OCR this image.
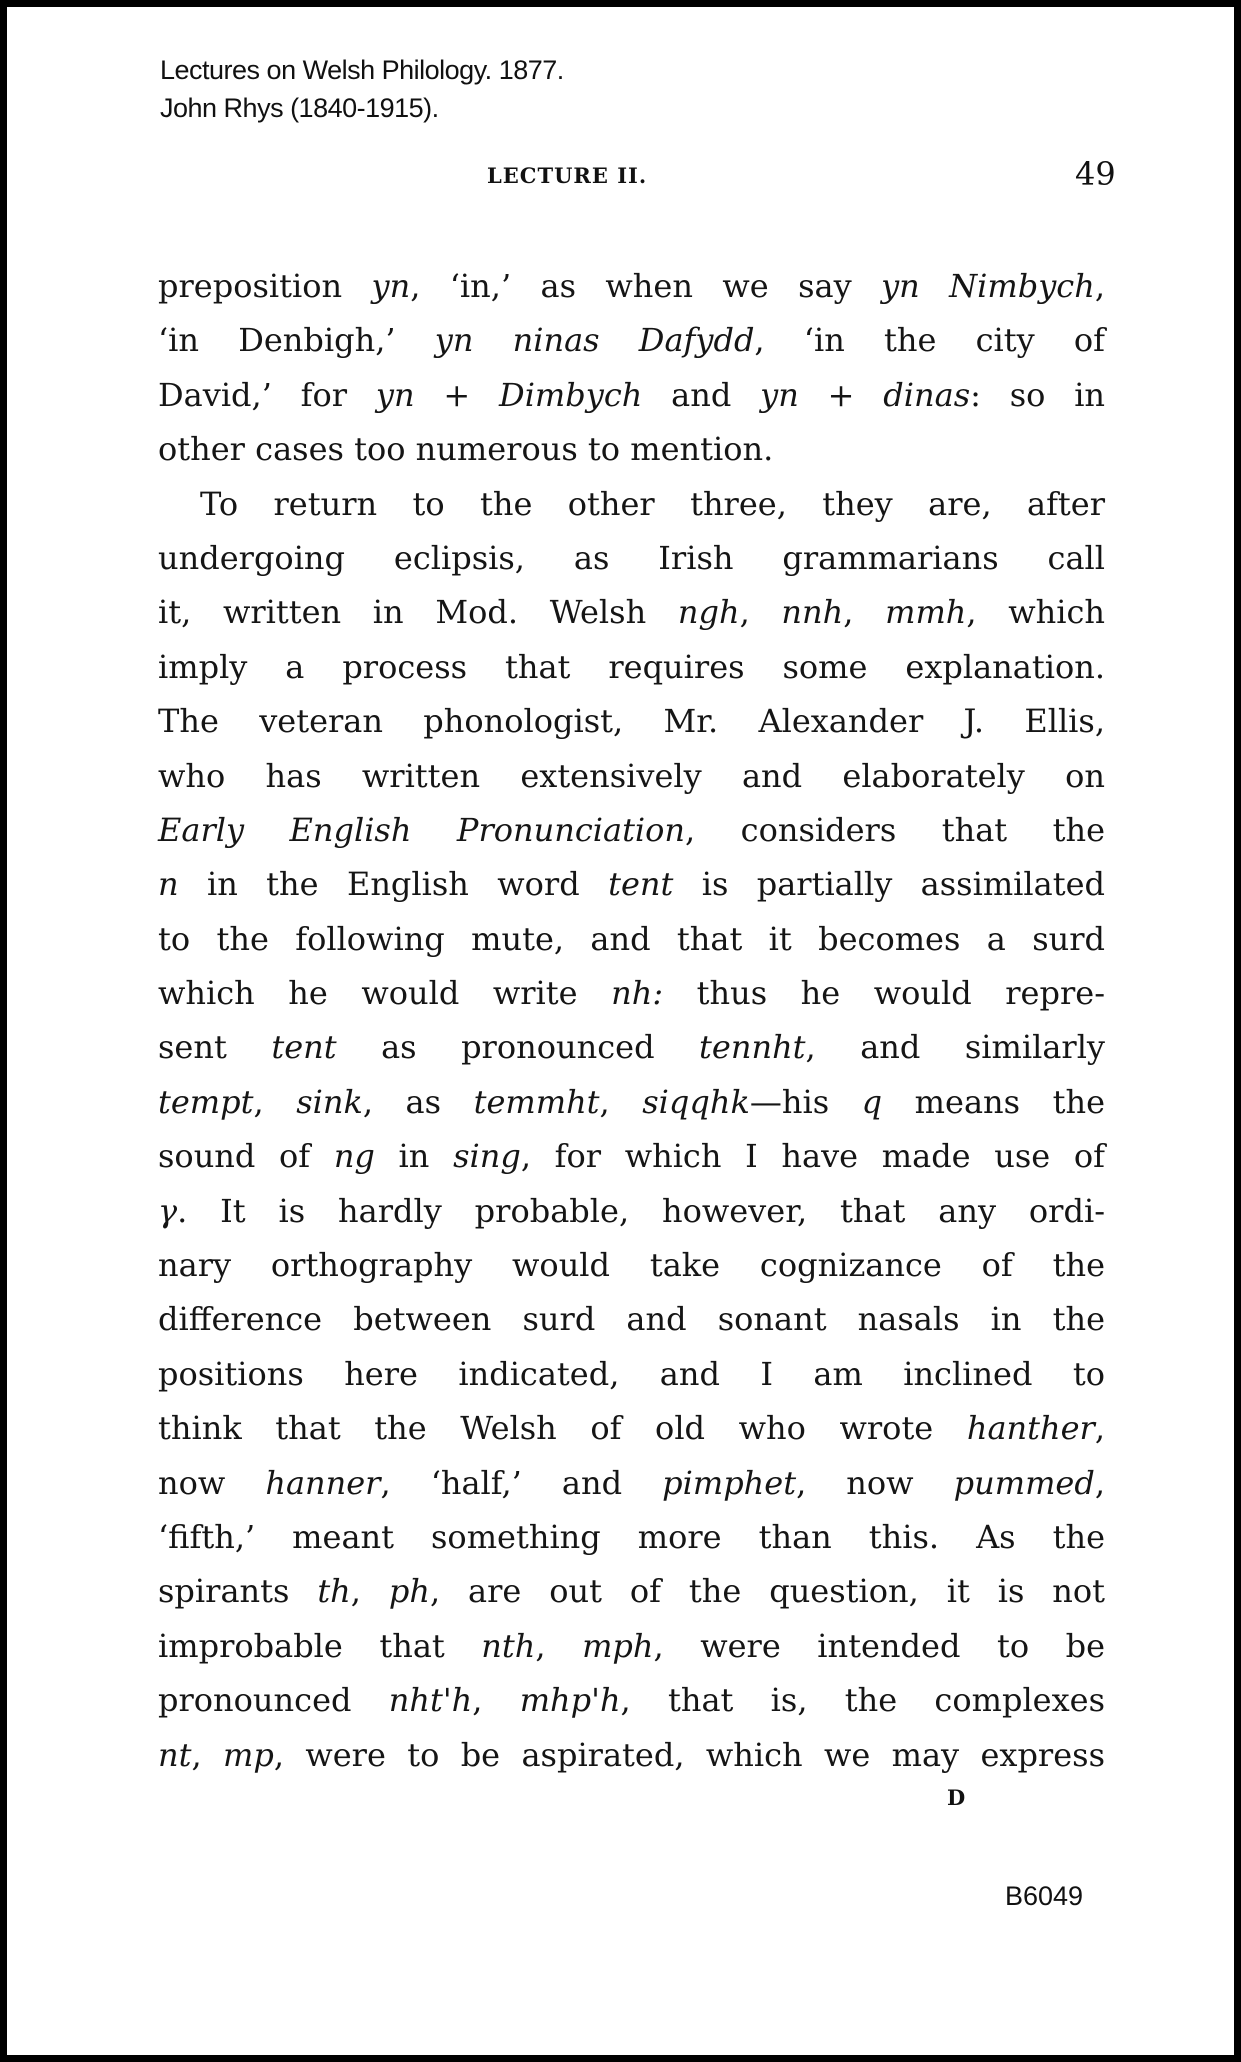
Lectures on Welsh Philology. 1877.
John Rhys (1840-1915).
LECTURE II.	49
preposition yn, ‘in,’ as when we say yn Nimbych,
‘in Denbigh,’ yn ninas Dafydd, ‘in the city of
David,’ for yn + Dimbych and yn + dinas: so in
other cases too numerous to mention.
To return to the other three, they are, after
undergoing eclipsis, as Irish grammarians call
it, written in Mod. Welsh ngh, nnh, mmh, which
imply a process that requires some explanation.
The veteran phonologist, Mr. Alexander J. Ellis,
who has written extensively and elaborately on
Early English Pronunciation, considers that the
n in the English word tent is partially assimilated
to the following mute, and that it becomes a surd
which he would write nh: thus he would repre-
sent tent as pronounced tennht, and similarly
tempt, sink, as temmht, siqqhk—his q means the
sound of ng in sing, for which I have made use of
γ. It is hardly probable, however, that any ordi-
nary orthography would take cognizance of the
difference between surd and sonant nasals in the
positions here indicated, and I am inclined to
think that the Welsh of old who wrote hanther,
now hanner, ‘half,’ and pimphet, now pummed,
‘fifth,’ meant something more than this. As the
spirants th, ph, are out of the question, it is not
improbable that nth, mph, were intended to be
pronounced nht'h, mhp'h, that is, the complexes
nt, mp, were to be aspirated, which we may express
D
B6049
